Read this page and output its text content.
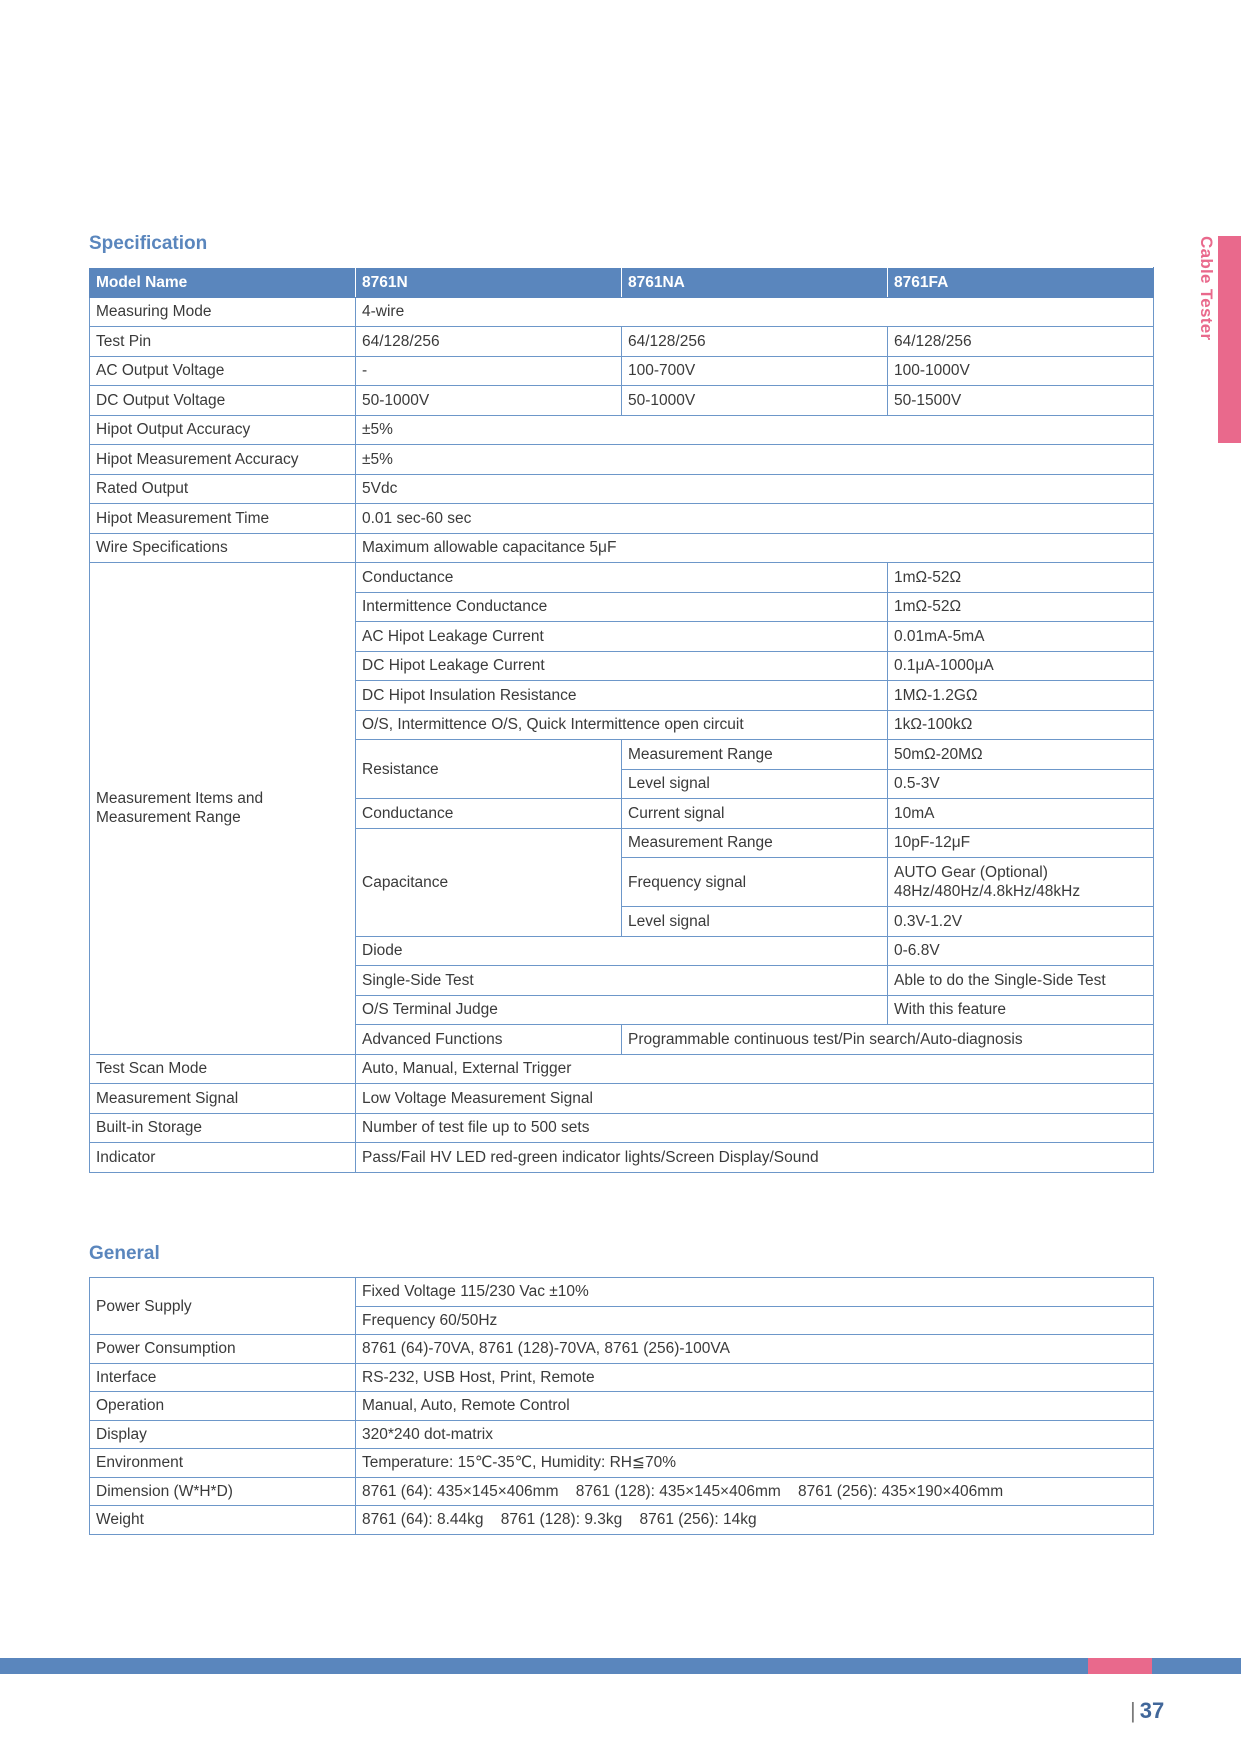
Cable Tester
Specification
Model Name	8761N	8761NA	8761FA
Measuring Mode	4-wire		
Test Pin	64/128/256	64/128/256	64/128/256
AC Output Voltage	-	100-700V	100-1000V
DC Output Voltage	50-1000V	50-1000V	50-1500V
Hipot Output Accuracy	±5%		
Hipot Measurement Accuracy	±5%		
Rated Output	5Vdc		
Hipot Measurement Time	0.01 sec-60 sec		
Wire Specifications	Maximum allowable capacitance 5μF		
Measurement Items and Measurement Range	Conductance		1mΩ-52Ω
	Intermittence Conductance		1mΩ-52Ω
	AC Hipot Leakage Current		0.01mA-5mA
	DC Hipot Leakage Current		0.1μA-1000μA
	DC Hipot Insulation Resistance		1MΩ-1.2GΩ
	O/S, Intermittence O/S, Quick Intermittence open circuit		1kΩ-100kΩ
	Resistance	Measurement Range	50mΩ-20MΩ
		Level signal	0.5-3V
	Conductance	Current signal	10mA
	Capacitance	Measurement Range	10pF-12μF
		Frequency signal	AUTO Gear (Optional)
48Hz/480Hz/4.8kHz/48kHz

		Level signal	0.3V-1.2V
	Diode		0-6.8V
	Single-Side Test		Able to do the Single-Side Test
	O/S Terminal Judge		With this feature
	Advanced Functions	Programmable continuous test/Pin search/Auto-diagnosis	
Test Scan Mode	Auto, Manual, External Trigger		
Measurement Signal	Low Voltage Measurement Signal		
Built-in Storage	Number of test file up to 500 sets		
Indicator	Pass/Fail HV LED red-green indicator lights/Screen Display/Sound		
General
Power Supply	Fixed Voltage 115/230 Vac ±10%
	Frequency 60/50Hz
Power Consumption	8761 (64)-70VA, 8761 (128)-70VA, 8761 (256)-100VA
Interface	RS-232, USB Host, Print, Remote
Operation	Manual, Auto, Remote Control
Display	320*240 dot-matrix
Environment	Temperature: 15℃-35℃, Humidity: RH≦70%
Dimension (W*H*D)	8761 (64): 435×145×406mm    8761 (128): 435×145×406mm    8761 (256): 435×190×406mm
Weight	8761 (64): 8.44kg    8761 (128): 9.3kg    8761 (256): 14kg
| 37
